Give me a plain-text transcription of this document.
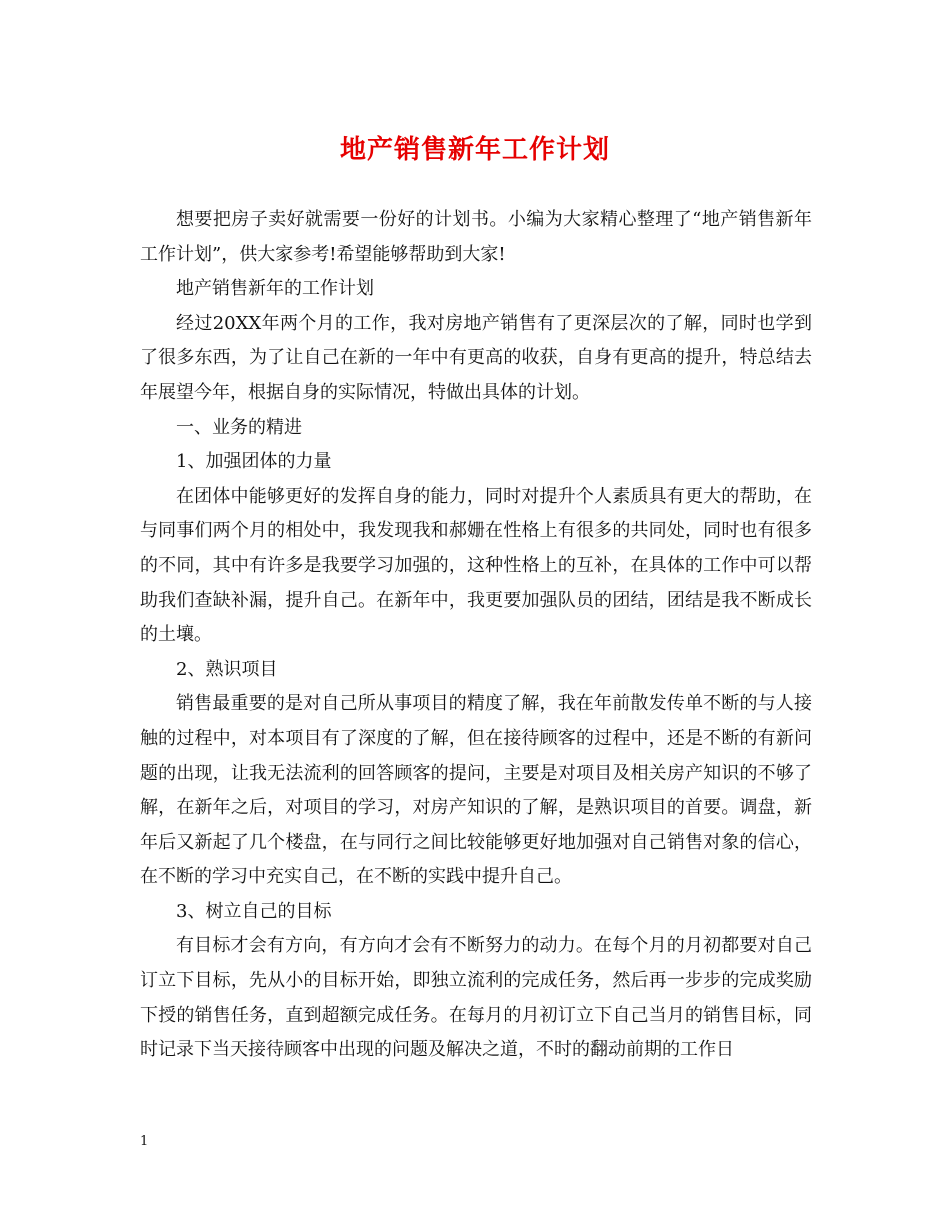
地产销售新年工作计划

想要把房子卖好就需要一份好的计划书。小编为大家精心整理了“地产销售新年工作计划”，供大家参考!希望能够帮助到大家!

地产销售新年的工作计划

经过20XX年两个月的工作，我对房地产销售有了更深层次的了解，同时也学到了很多东西，为了让自己在新的一年中有更高的收获，自身有更高的提升，特总结去年展望今年，根据自身的实际情况，特做出具体的计划。

一、业务的精进

1、加强团体的力量

在团体中能够更好的发挥自身的能力，同时对提升个人素质具有更大的帮助，在与同事们两个月的相处中，我发现我和郝姗在性格上有很多的共同处，同时也有很多的不同，其中有许多是我要学习加强的，这种性格上的互补，在具体的工作中可以帮助我们查缺补漏，提升自己。在新年中，我更要加强队员的团结，团结是我不断成长的土壤。

2、熟识项目

销售最重要的是对自己所从事项目的精度了解，我在年前散发传单不断的与人接触的过程中，对本项目有了深度的了解，但在接待顾客的过程中，还是不断的有新问题的出现，让我无法流利的回答顾客的提问，主要是对项目及相关房产知识的不够了解，在新年之后，对项目的学习，对房产知识的了解，是熟识项目的首要。调盘，新年后又新起了几个楼盘，在与同行之间比较能够更好地加强对自己销售对象的信心，在不断的学习中充实自己，在不断的实践中提升自己。

3、树立自己的目标

有目标才会有方向，有方向才会有不断努力的动力。在每个月的月初都要对自己订立下目标，先从小的目标开始，即独立流利的完成任务，然后再一步步的完成奖励下授的销售任务，直到超额完成任务。在每月的月初订立下自己当月的销售目标，同时记录下当天接待顾客中出现的问题及解决之道，不时的翻动前期的工作日

1
